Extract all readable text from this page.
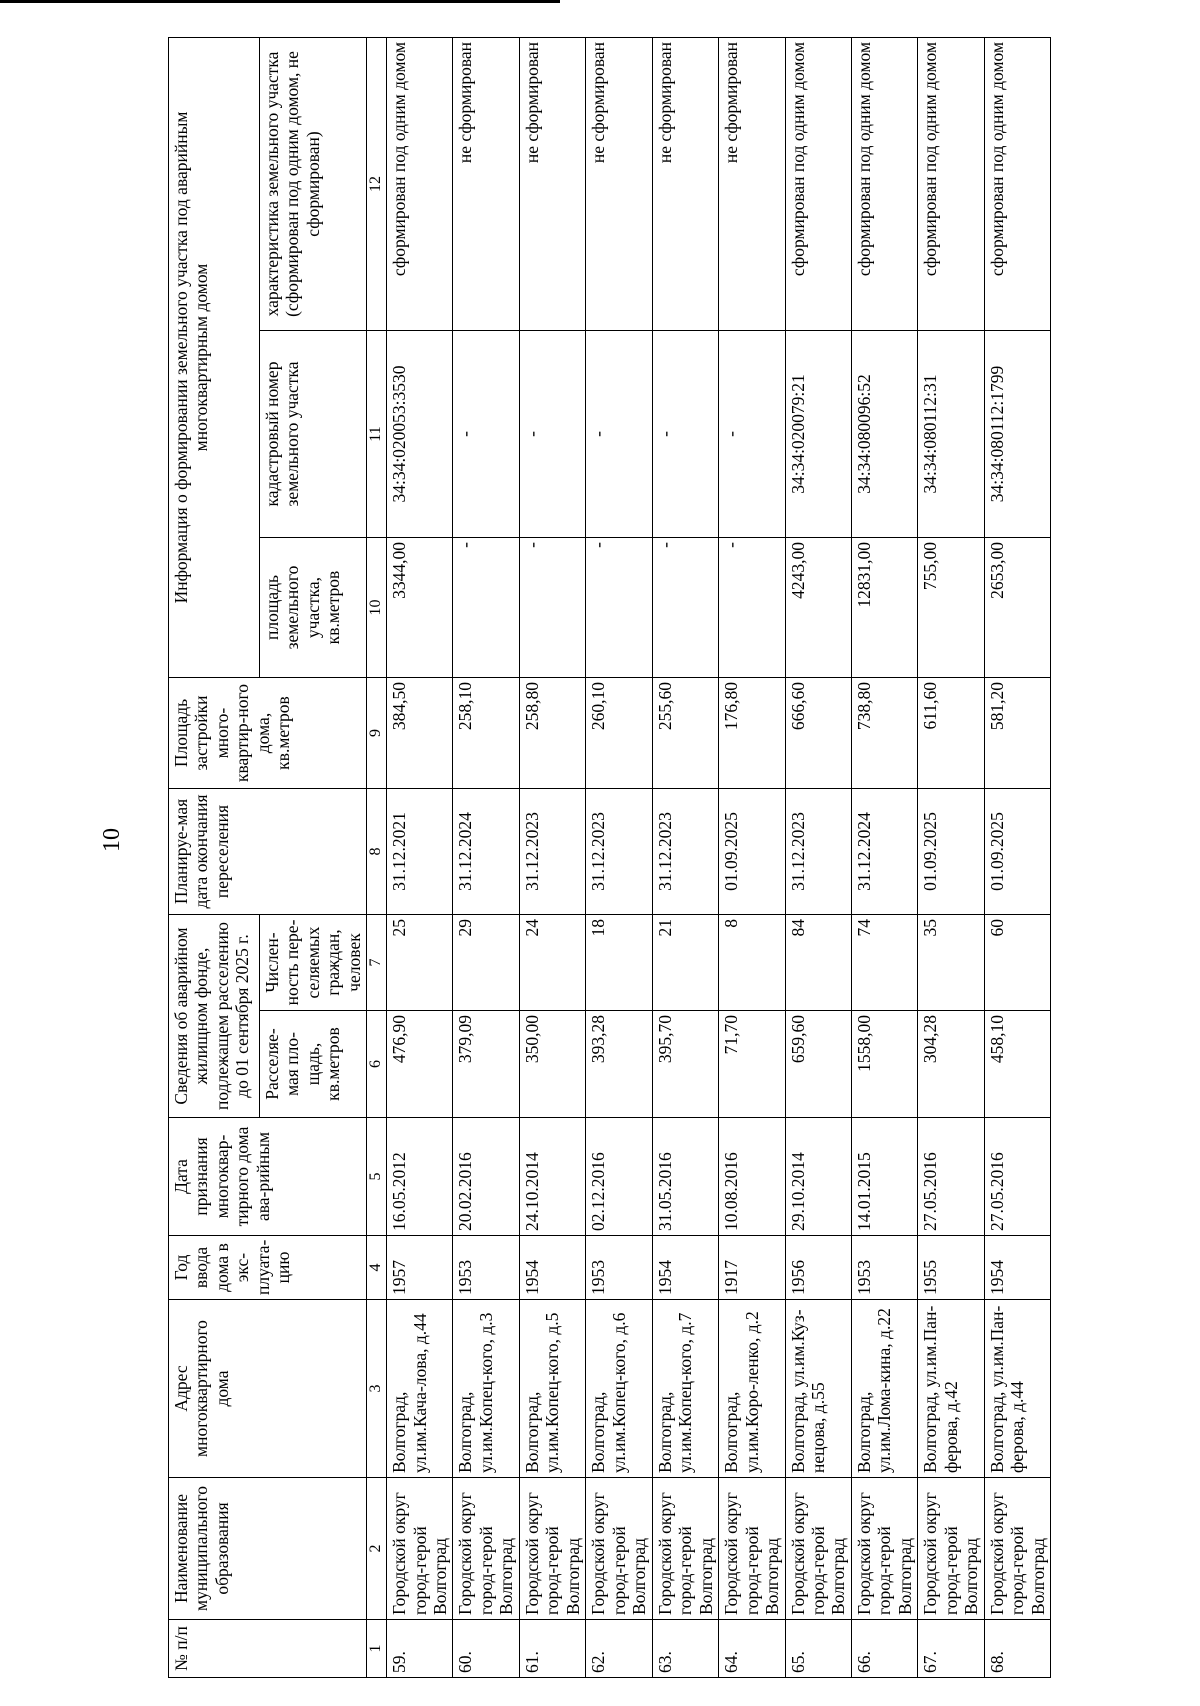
10
№ п/п	Наименование муниципального образования	Адрес многоквартирного дома	Год ввода дома в экс-плуата-цию	Дата признания многоквар-тирного дома ава-рийным	Сведения об аварийном жилищном фонде, подлежащем расселению до 01 сентября 2025 г.		Планируе-мая дата окончания переселения	Площадь застройки много-квартир-ного дома, кв.метров	Информация о формировании земельного участка под аварийным многоквартирным домом		
					Расселяе-мая пло-щадь, кв.метров	Числен-ность пере-селяемых граждан, человек			площадь земельного участка, кв.метров	кадастровый номер земельного участка	характеристика земельного участка (сформирован под одним домом, не сформирован)
1	2	3	4	5	6	7	8	9	10	11	12
59.	Городской округ город-герой Волгоград	Волгоград, ул.им.Кача-лова, д.44	1957	16.05.2012	476,90	25	31.12.2021	384,50	3344,00	34:34:020053:3530	сформирован под одним домом
60.	Городской округ город-герой Волгоград	Волгоград, ул.им.Копец-кого, д.3	1953	20.02.2016	379,09	29	31.12.2024	258,10	-	-	не сформирован
61.	Городской округ город-герой Волгоград	Волгоград, ул.им.Копец-кого, д.5	1954	24.10.2014	350,00	24	31.12.2023	258,80	-	-	не сформирован
62.	Городской округ город-герой Волгоград	Волгоград, ул.им.Копец-кого, д.6	1953	02.12.2016	393,28	18	31.12.2023	260,10	-	-	не сформирован
63.	Городской округ город-герой Волгоград	Волгоград, ул.им.Копец-кого, д.7	1954	31.05.2016	395,70	21	31.12.2023	255,60	-	-	не сформирован
64.	Городской округ город-герой Волгоград	Волгоград, ул.им.Коро-ленко, д.2	1917	10.08.2016	71,70	8	01.09.2025	176,80	-	-	не сформирован
65.	Городской округ город-герой Волгоград	Волгоград, ул.им.Куз-нецова, д.55	1956	29.10.2014	659,60	84	31.12.2023	666,60	4243,00	34:34:020079:21	сформирован под одним домом
66.	Городской округ город-герой Волгоград	Волгоград, ул.им.Лома-кина, д.22	1953	14.01.2015	1558,00	74	31.12.2024	738,80	12831,00	34:34:080096:52	сформирован под одним домом
67.	Городской округ город-герой Волгоград	Волгоград, ул.им.Пан-ферова, д.42	1955	27.05.2016	304,28	35	01.09.2025	611,60	755,00	34:34:080112:31	сформирован под одним домом
68.	Городской округ город-герой Волгоград	Волгоград, ул.им.Пан-ферова, д.44	1954	27.05.2016	458,10	60	01.09.2025	581,20	2653,00	34:34:080112:1799	сформирован под одним домом
